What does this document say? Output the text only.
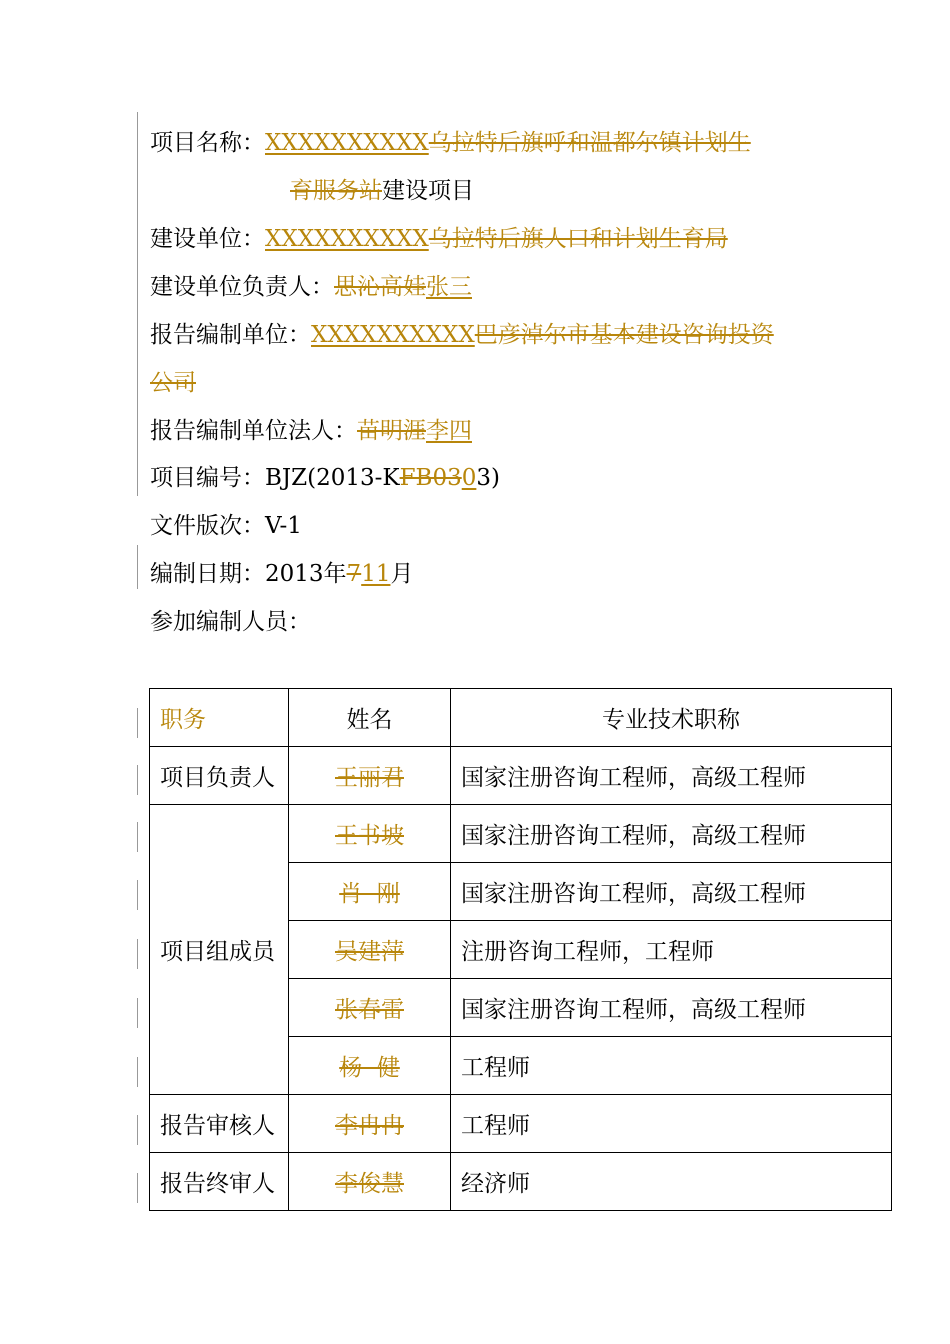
项目名称：XXXXXXXXXX乌拉特后旗呼和温都尔镇计划生
育服务站建设项目
建设单位：XXXXXXXXXX乌拉特后旗人口和计划生育局
建设单位负责人：思沁高娃张三
报告编制单位：XXXXXXXXXX巴彦淖尔市基本建设咨询投资
公司
报告编制单位法人：苗明涯李四
项目编号：BJZ(2013-KFB0303)
文件版次：V-1
编制日期：2013年711月
参加编制人员：
职务	姓名	专业技术职称
项目负责人	王丽君	国家注册咨询工程师，高级工程师
项目组成员	王书坡	国家注册咨询工程师，高级工程师
	肖  刚	国家注册咨询工程师，高级工程师
	吴建萍	注册咨询工程师，工程师
	张春雷	国家注册咨询工程师，高级工程师
	杨  健	工程师
报告审核人	李冉冉	工程师
报告终审人	李俊慧	经济师
